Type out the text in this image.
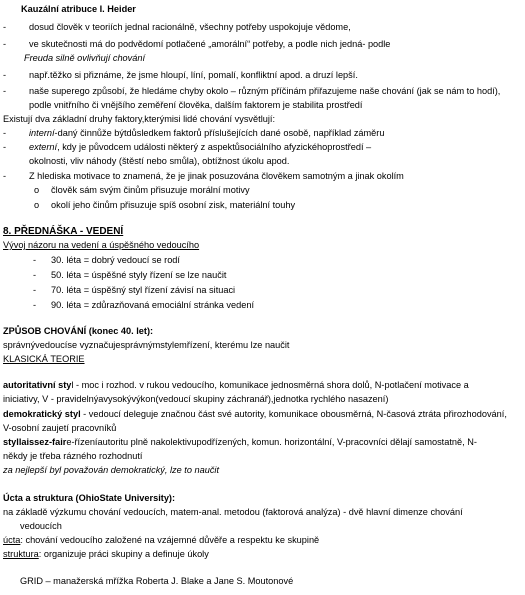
Kauzální atribuce I. Heider
-	dosud člověk v teoriích jednal racionálně, všechny potřeby uspokojuje vědome,
-	ve skutečnosti má do podvědomí potlačené „amorální“ potřeby, a podle nich jedná- podle
Freuda silně ovlivňují chování
-	např.těžko si přiznáme, že jsme hloupí, líní, pomalí, konfliktní apod. a druzí lepší.
-	naše superego způsobí, že hledáme chyby okolo – různým příčinám přiřazujeme naše chování (jak se nám to hodí),
podle vnitřního či vnějšího zeměření člověka, dalším faktorem je stabilita prostředí
Existují dva základní druhy faktory,kterýmisi lidé chování vysvětlují:
-	interní-daný činnůže býtdůsledkem faktorů příslušejících dané osobě, například záměru
-	externí, kdy je původcem události některý z aspektůsociálního afyzickéhoprostředí –
okolnosti, vliv náhody (štěstí nebo smůla), obtížnost úkolu apod.
-	Z hlediska motivace to znamená, že je jinak posuzována člověkem samotným a jinak okolím
o	člověk sám svým činům přisuzuje morální motivy
o	okolí jeho činům přisuzuje spíš osobní zisk, materiální touhy
8. PŘEDNÁŠKA - VEDENÍ
Vývoj názoru na vedení a úspěšného vedoucího
-	30. léta = dobrý vedoucí se rodí
-	50. léta = úspěšné styly řízení se lze naučit
-	70. léta = úspěšný styl řízení závisí na situaci
-	90. léta = zdůrazňovaná emociální stránka vedení
ZPŮSOB CHOVÁNÍ (konec 40. let):
správnývedoucíse vyznačujesprávnýmstylemřízení, kterému lze naučit
KLASICKÁ TEORIE
autoritativní styl - moc i rozhod. v rukou vedoucího, komunikace jednosměrná shora dolů, N-potlačení motivace a
iniciativy, V - pravidelnýavysokývýkon(vedoucí skupiny záchranář),jednotka rychlého nasazení)
demokratický styl - vedoucí deleguje značnou část své autority, komunikace obousměrná, N-časová ztráta přirozhodování,
V-osobní zaujetí pracovníků
styllaissez-faire-řízeníautoritu plně nakolektivupodřízených, komun. horizontální, V-pracovníci dělají samostatně, N-
někdy je třeba rázného rozhodnutí
za nejlepší byl považován demokratický, lze to naučit
Úcta a struktura (OhioState University):
na základě výzkumu chování vedoucích, matem-anal. metodou (faktorová analýza) - dvě hlavní dimenze chování
vedoucích
úcta: chování vedoucího založené na vzájemné důvěře a respektu ke skupině
struktura: organizuje práci skupiny a definuje úkoly
GRID – manažerská mřížka Roberta J. Blake a Jane S. Moutonové
